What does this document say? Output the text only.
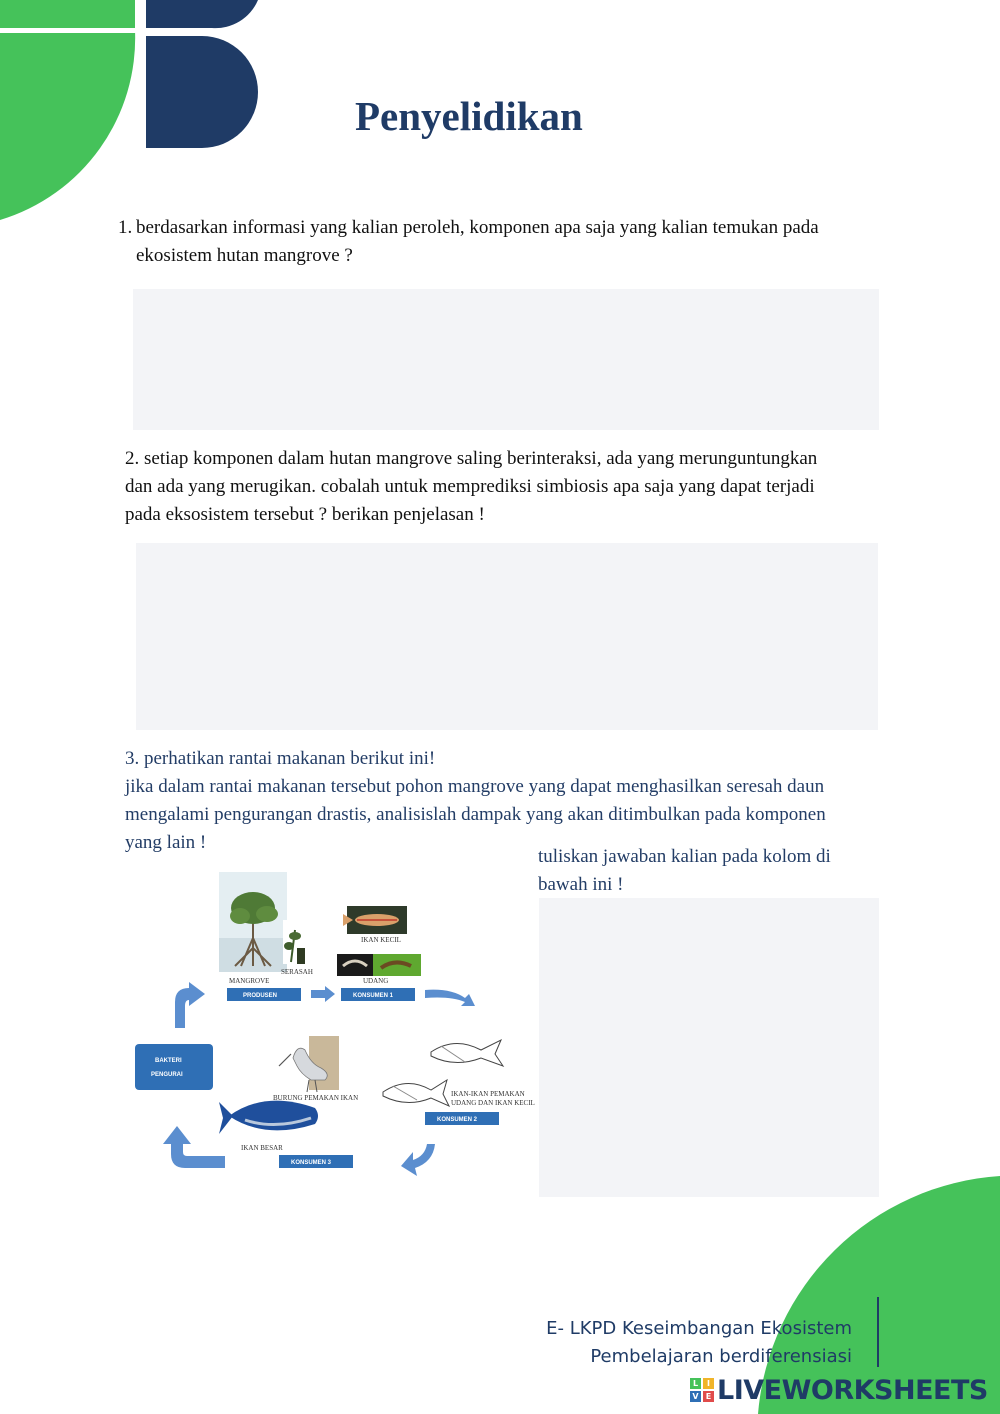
Penyelidikan
1. berdasarkan informasi yang kalian peroleh, komponen apa saja yang kalian temukan pada
ekosistem hutan mangrove ?
2. setiap komponen dalam hutan mangrove saling berinteraksi, ada yang merunguntungkan
dan ada yang merugikan. cobalah untuk memprediksi simbiosis apa saja yang dapat terjadi
pada eksosistem tersebut ? berikan penjelasan !
3. perhatikan rantai makanan berikut ini!
jika dalam rantai makanan tersebut pohon mangrove yang dapat menghasilkan seresah daun
mengalami pengurangan drastis, analisislah dampak yang akan ditimbulkan pada komponen
yang lain !
tuliskan jawaban kalian pada kolom di
bawah ini !
MANGROVE
SERASAH
IKAN KECIL
UDANG
PRODUSEN	KONSUMEN 1
BAKTERI
PENGURAI
BURUNG PEMAKAN IKAN	IKAN-IKAN PEMAKAN
UDANG DAN IKAN KECIL
KONSUMEN 2
IKAN BESAR
KONSUMEN 3
E- LKPD Keseimbangan Ekosistem
Pembelajaran berdiferensiasi
L	I
V E LIVEWORKSHEETS
